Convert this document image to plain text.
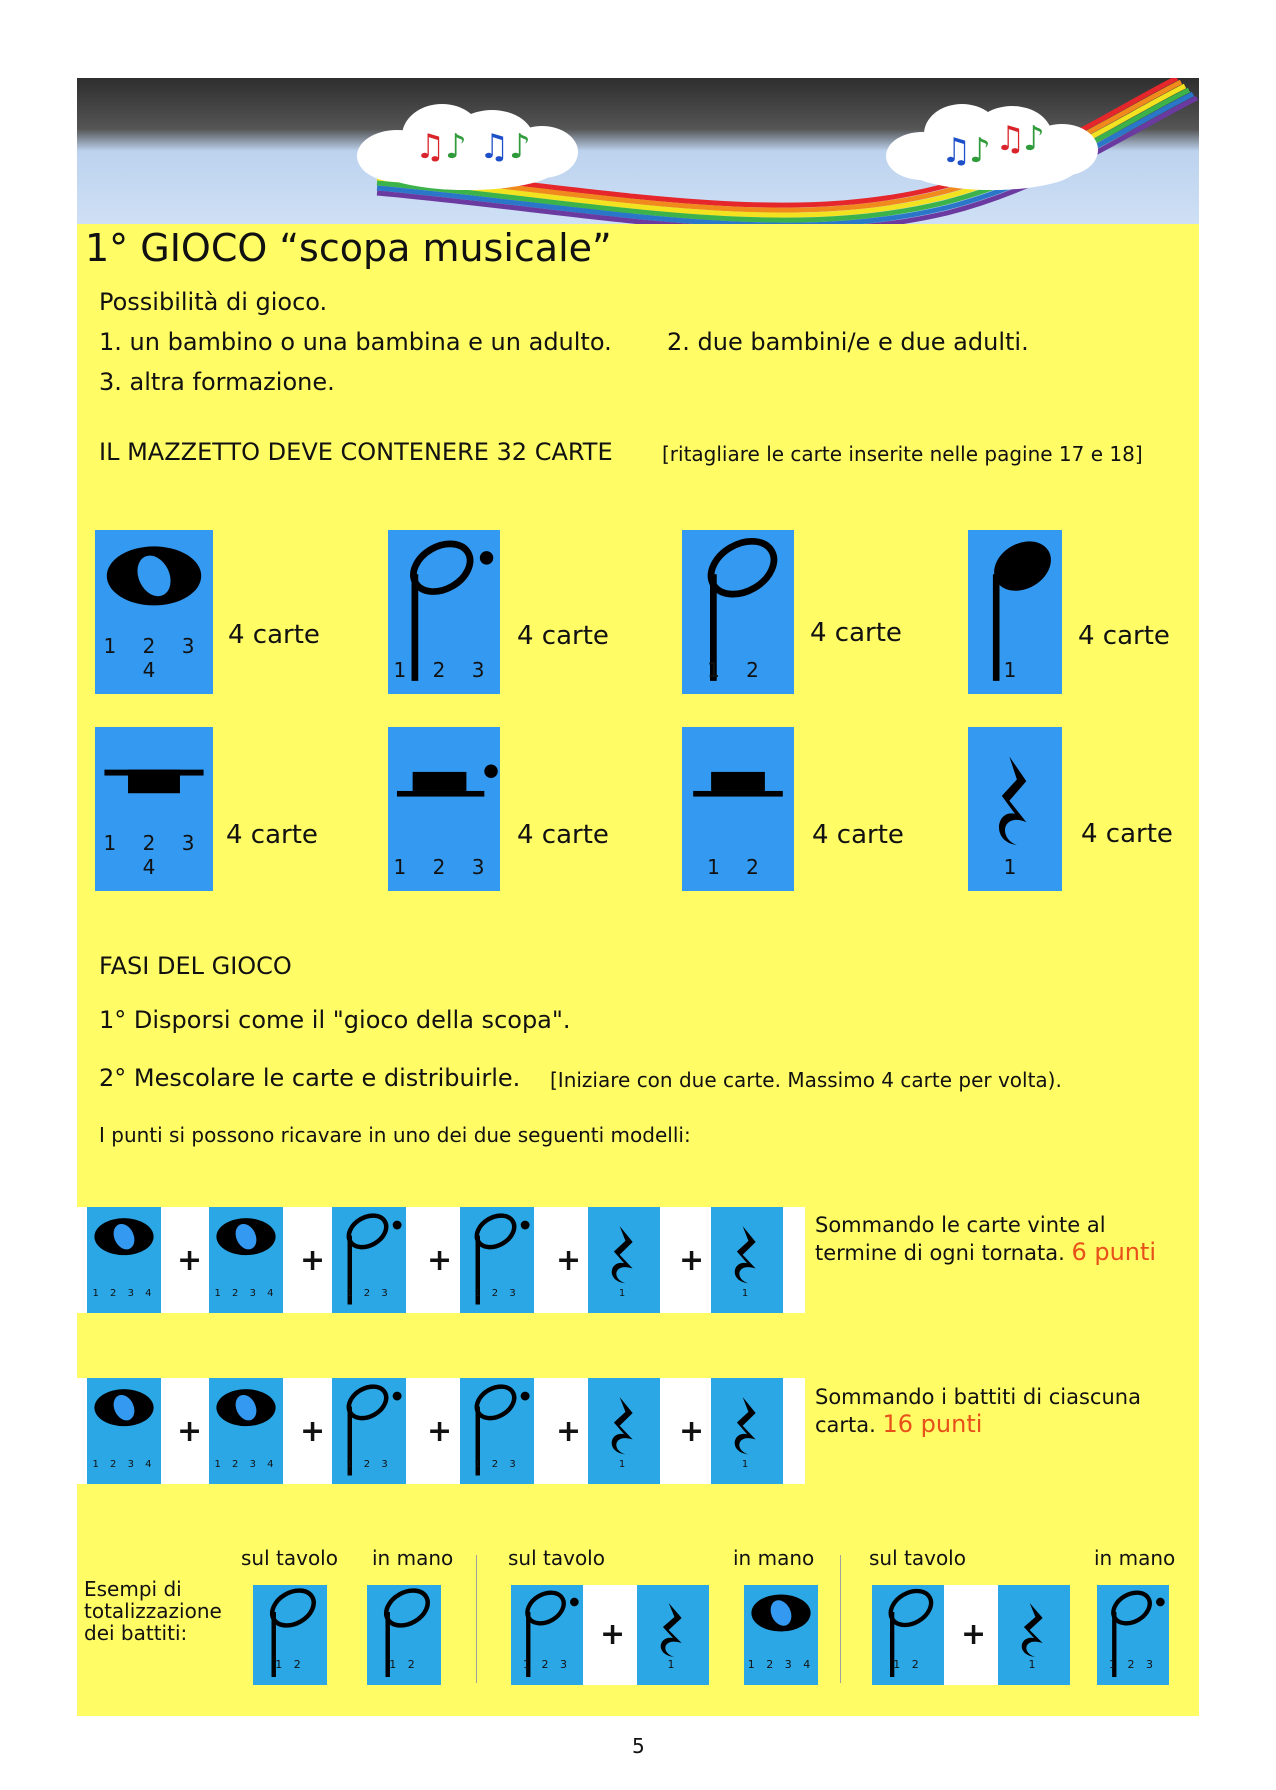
♫ ♪ ♫ ♪	♫
♪ ♫
♪
1° GIOCO “scopa musicale”
Possibilità di gioco.
1. un bambino o una bambina e un adulto. 2. due bambini/e e due adulti.
3. altra formazione.
IL MAZZETTO DEVE CONTENERE 32 CARTE [ritagliare le carte inserite nelle pagine 17 e 18]
1 2 3 4
4 carte
1 2 3
4 carte
1 2
4 carte
1
4 carte
1 2 3 4
4 carte
1 2 3
4 carte
1 2
4 carte
1
4 carte
FASI DEL GIOCO
1° Disporsi come il "gioco della scopa".
2° Mescolare le carte e distribuirle. [Iniziare con due carte. Massimo 4 carte per volta).
I punti si possono ricavare in uno dei due seguenti modelli:
1 2 3 4	1 2 3 4	1 2 3	1 2 3	1	1
+	+	+	+	+
Sommando le carte vinte al
termine di ogni tornata. 6 punti
1 2 3 4	1 2 3 4	1 2 3	1 2 3	1	1
+	+	+	+	+
Sommando i battiti di ciascuna
carta. 16 punti
Esempi di
totalizzazione
dei battiti:
sul tavolo in mano	sul tavolo	in mano	sul tavolo	in mano
1 2	1 2	1 2 3	1	1 2 3 4	1 2	1	1 2 3
+	+
5
